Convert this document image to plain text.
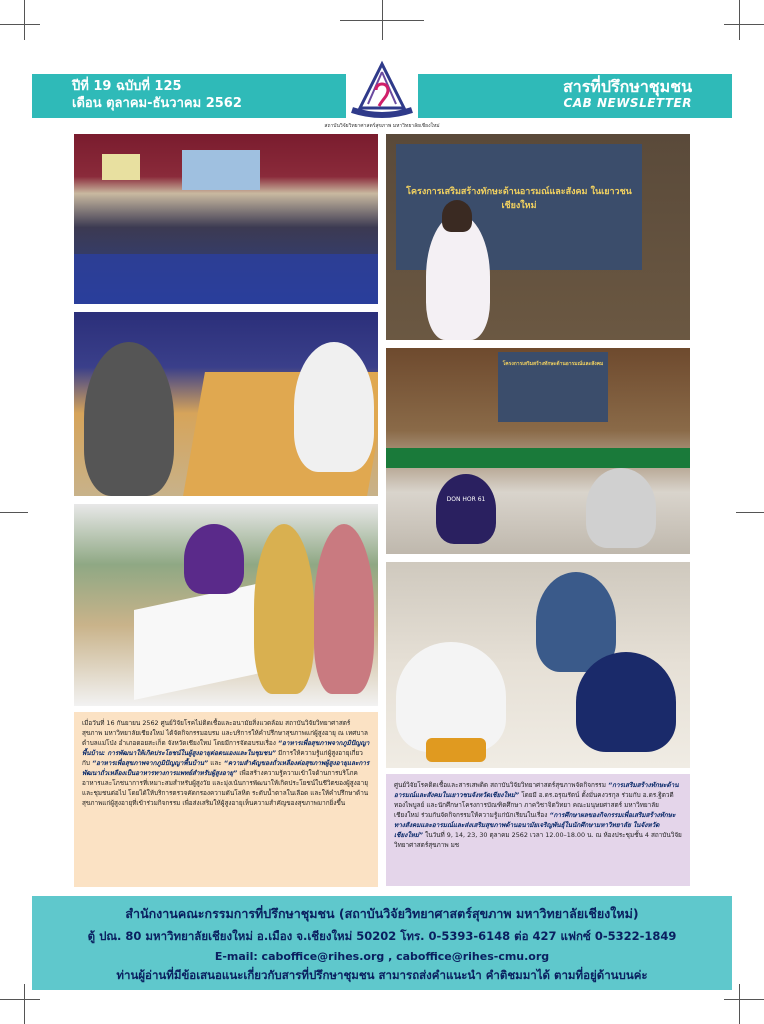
ปีที่ 19 ฉบับที่ 125
เดือน ตุลาคม-ธันวาคม 2562
สารที่ปรึกษาชุมชน
CAB NEWSLETTER
สถาบันวิจัยวิทยาศาสตร์สุขภาพ มหาวิทยาลัยเชียงใหม่
โครงการเสริมสร้างทักษะด้านอารมณ์และสังคม ในเยาวชนเชียงใหม่
โครงการเสริมสร้างทักษะด้านอารมณ์และสังคม
DON HOR 61
เมื่อวันที่ 16 กันยายน 2562 ศูนย์วิจัยโรคไม่ติดเชื้อและอนามัยสิ่งแวดล้อม สถาบันวิจัยวิทยาศาสตร์สุขภาพ มหาวิทยาลัยเชียงใหม่ ได้จัดกิจกรรมอบรม และบริการให้คำปรึกษาสุขภาพแก่ผู้สูงอายุ ณ เทศบาลตำบลแม่โป่ง อำเภอดอยสะเก็ด จังหวัดเชียงใหม่ โดยมีการจัดอบรมเรื่อง “อาหารเพื่อสุขภาพจากภูมิปัญญาพื้นบ้าน: การพัฒนาให้เกิดประโยชน์ในผู้สูงอายุต่อตนเองและในชุมชน” มีการให้ความรู้แก่ผู้สูงอายุเกี่ยวกับ “อาหารเพื่อสุขภาพจากภูมิปัญญาพื้นบ้าน” และ “ความสำคัญของถั่วเหลืองต่อสุขภาพผู้สูงอายุและการพัฒนาถั่วเหลืองเป็นอาหารทางการแพทย์สำหรับผู้สูงอายุ” เพื่อสร้างความรู้ความเข้าใจด้านการบริโภคอาหารและโภชนาการที่เหมาะสมสำหรับผู้สูงวัย และมุ่งเน้นการพัฒนาให้เกิดประโยชน์ในชีวิตของผู้สูงอายุและชุมชนต่อไป โดยได้ให้บริการตรวจคัดกรองความดันโลหิต ระดับน้ำตาลในเลือด และให้คำปรึกษาด้านสุขภาพแก่ผู้สูงอายุที่เข้าร่วมกิจกรรม เพื่อส่งเสริมให้ผู้สูงอายุเห็นความสำคัญของสุขภาพมากยิ่งขึ้น
ศูนย์วิจัยโรคติดเชื้อและสารเสพติด สถาบันวิจัยวิทยาศาสตร์สุขภาพจัดกิจกรรม “การเสริมสร้างทักษะด้านอารมณ์และสังคมในเยาวชนจังหวัดเชียงใหม่” โดยมี อ.ดร.อรุณรัตน์ ตั้งมั่นคงวรกุล ร่วมกับ อ.ดร.ฐิตวดี ทองไพบูลย์ และนักศึกษาโครงการบัณฑิตศึกษา ภาควิชาจิตวิทยา คณะมนุษยศาสตร์ มหาวิทยาลัยเชียงใหม่ ร่วมกันจัดกิจกรรมให้ความรู้แก่นักเรียนในเรื่อง “การศึกษาผลของกิจกรรมเพื่อเสริมสร้างทักษะทางสังคมและอารมณ์และส่งเสริมสุขภาพด้านอนามัยเจริญพันธุ์ในนักศึกษามหาวิทยาลัย ในจังหวัดเชียงใหม่” ในวันที่ 9, 14, 23, 30 ตุลาคม 2562 เวลา 12.00–18.00 น. ณ ห้องประชุมชั้น 4 สถาบันวิจัยวิทยาศาสตร์สุขภาพ มช
สำนักงานคณะกรรมการที่ปรึกษาชุมชน (สถาบันวิจัยวิทยาศาสตร์สุขภาพ มหาวิทยาลัยเชียงใหม่)
ตู้ ปณ. 80 มหาวิทยาลัยเชียงใหม่ อ.เมือง จ.เชียงใหม่ 50202 โทร. 0-5393-6148 ต่อ 427 แฟกซ์ 0-5322-1849
E-mail: caboffice@rihes.org , caboffice@rihes-cmu.org
ท่านผู้อ่านที่มีข้อเสนอแนะเกี่ยวกับสารที่ปรึกษาชุมชน สามารถส่งคำแนะนำ คำติชมมาได้ ตามที่อยู่ด้านบนค่ะ
